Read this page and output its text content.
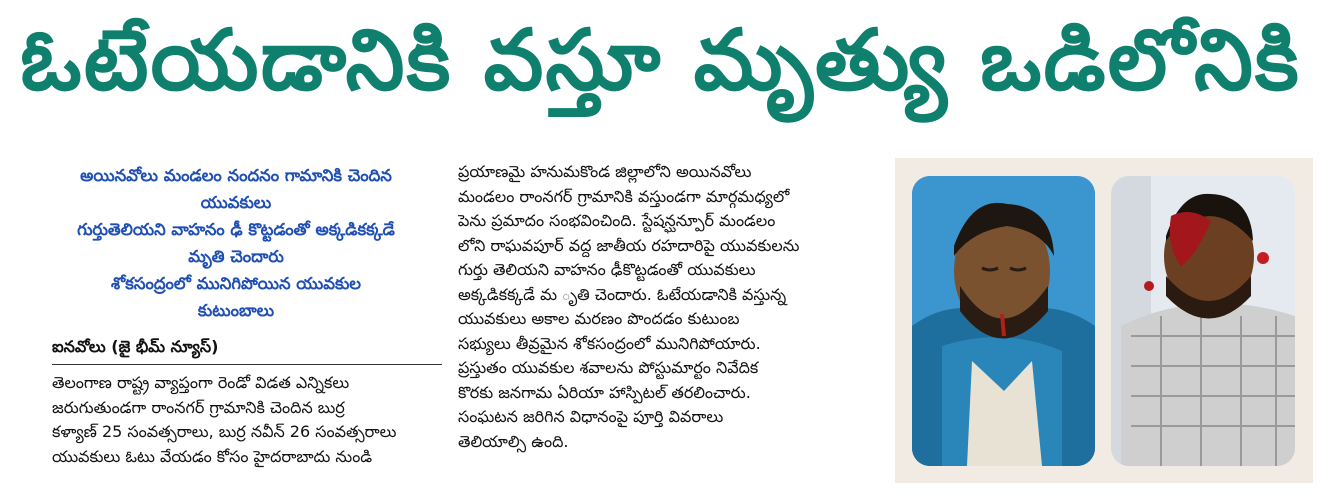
ఓటేయడానికి వస్తూ మృత్యు ఒడిలోనికి
అయినవోలు మండలం నందనం గామానికి చెందిన
యువకులు
గుర్తుతెలియని వాహనం ఢీ కొట్టడంతో అక్కడికక్కడే
మృతి చెందారు
శోకసంద్రంలో మునిగిపోయిన యువకుల
కుటుంబాలు
ఐనవోలు (జై భీమ్ న్యూస్)
తెలంగాణ రాష్ట్ర వ్యాప్తంగా రెండో విడత ఎన్నికలు
జరుగుతుండగా రాంనగర్ గ్రామానికి చెందిన బుర్ర
కళ్యాణ్ 25 సంవత్సరాలు, బుర్ర నవీన్ 26 సంవత్సరాలు
యువకులు ఓటు వేయడం కోసం హైదరాబాదు నుండి
ప్రయాణమై హనుమకొండ జిల్లాలోని అయినవోలు
మండలం రాంనగర్ గ్రామానికి వస్తుండగా మార్గమధ్యలో
పెను ప్రమాదం సంభవించింది. స్టేషన్ఘన్పూర్ మండలం
లోని రాఘవపూర్ వద్ద జాతీయ రహదారిపై యువకులను
గుర్తు తెలియని వాహనం ఢీకొట్టడంతో యువకులు
అక్కడికక్కడే మ ృతి చెందారు. ఓటేయడానికి వస్తున్న
యువకులు అకాల మరణం పొందడం కుటుంబ
సభ్యులు తీవ్రమైన శోకసంద్రంలో మునిగిపోయారు.
ప్రస్తుతం యువకుల శవాలను పోస్టుమార్టం నివేదిక
కొరకు జనగామ ఏరియా హాస్పిటల్ తరలించారు.
సంఘటన జరిగిన విధానంపై పూర్తి వివరాలు
తెలియాల్సి ఉంది.
